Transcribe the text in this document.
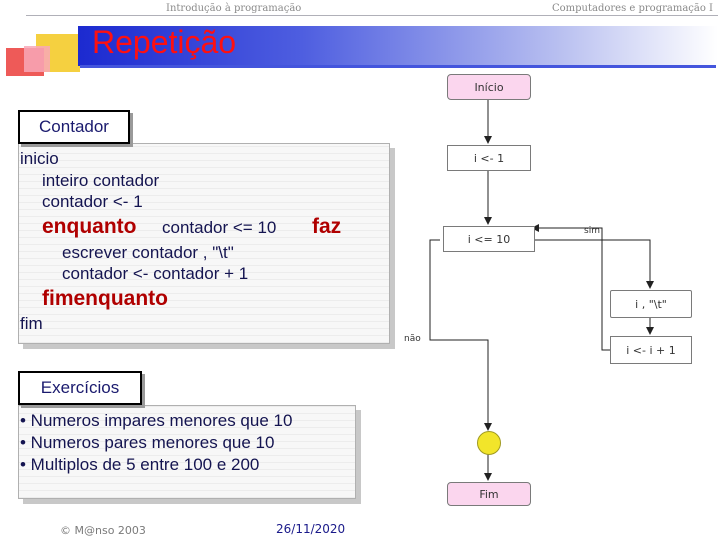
Introdução à programação	Computadores e programação I
Repetição
Contador
inicio
inteiro contador
contador <- 1
enquanto contador <= 10 faz
escrever contador , "\t"
contador <- contador + 1
fimenquanto
fim
Exercícios
• Numeros impares menores que 10
• Numeros pares menores que 10
• Multiplos de 5 entre 100 e 200
© M@nso 2003	26/11/2020
Início
i <- 1
i <= 10
sim
não
i , "\t"
i <- i + 1
Fim
